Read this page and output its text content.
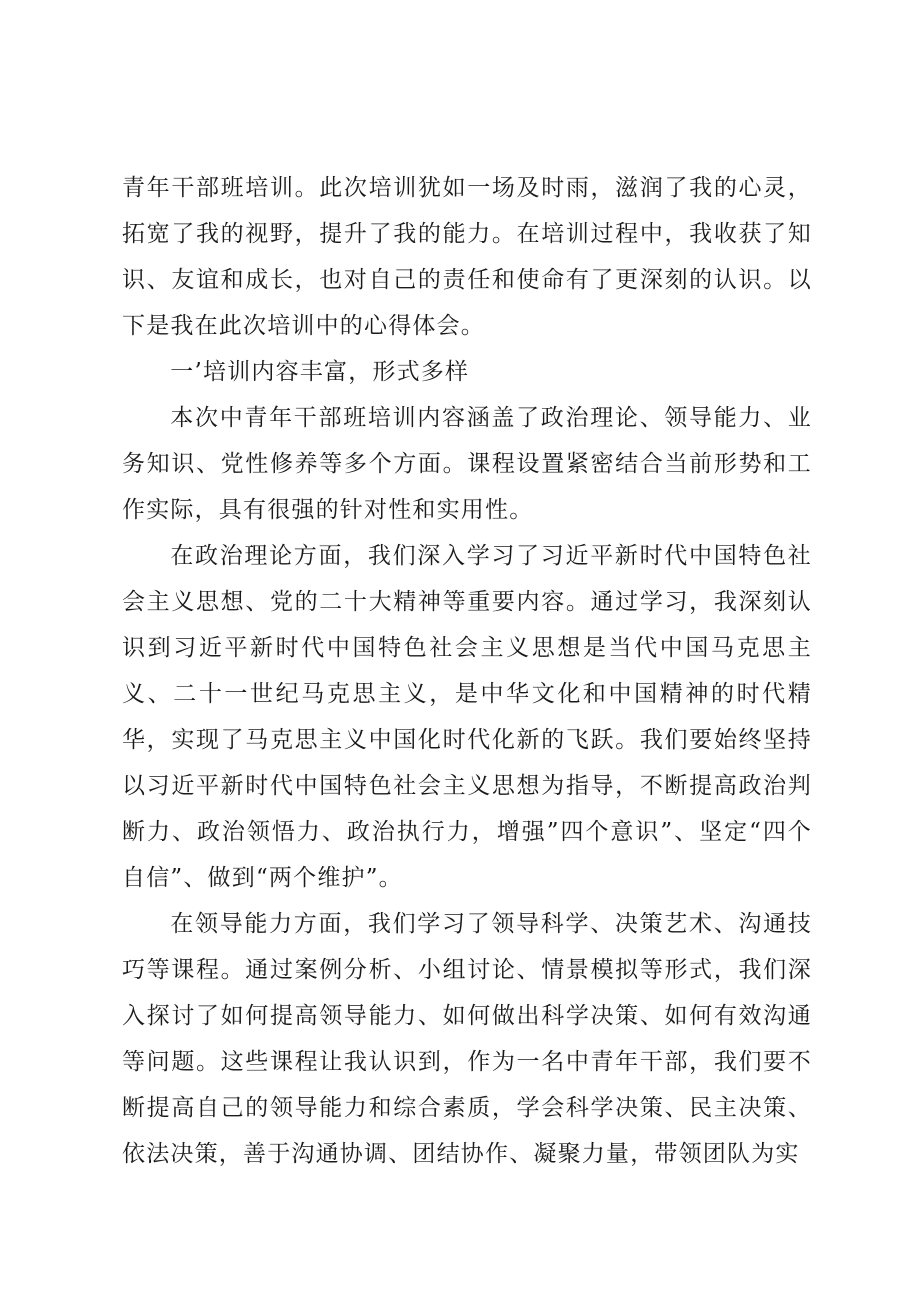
青年干部班培训。此次培训犹如一场及时雨，滋润了我的心灵，拓宽了我的视野，提升了我的能力。在培训过程中，我收获了知识、友谊和成长，也对自己的责任和使命有了更深刻的认识。以下是我在此次培训中的心得体会。

一’培训内容丰富，形式多样

本次中青年干部班培训内容涵盖了政治理论、领导能力、业务知识、党性修养等多个方面。课程设置紧密结合当前形势和工作实际，具有很强的针对性和实用性。

在政治理论方面，我们深入学习了习近平新时代中国特色社会主义思想、党的二十大精神等重要内容。通过学习，我深刻认识到习近平新时代中国特色社会主义思想是当代中国马克思主义、二十一世纪马克思主义，是中华文化和中国精神的时代精华，实现了马克思主义中国化时代化新的飞跃。我们要始终坚持以习近平新时代中国特色社会主义思想为指导，不断提高政治判断力、政治领悟力、政治执行力，增强”四个意识”、坚定“四个自信”、做到“两个维护”。

在领导能力方面，我们学习了领导科学、决策艺术、沟通技巧等课程。通过案例分析、小组讨论、情景模拟等形式，我们深入探讨了如何提高领导能力、如何做出科学决策、如何有效沟通等问题。这些课程让我认识到，作为一名中青年干部，我们要不断提高自己的领导能力和综合素质，学会科学决策、民主决策、依法决策，善于沟通协调、团结协作、凝聚力量，带领团队为实
